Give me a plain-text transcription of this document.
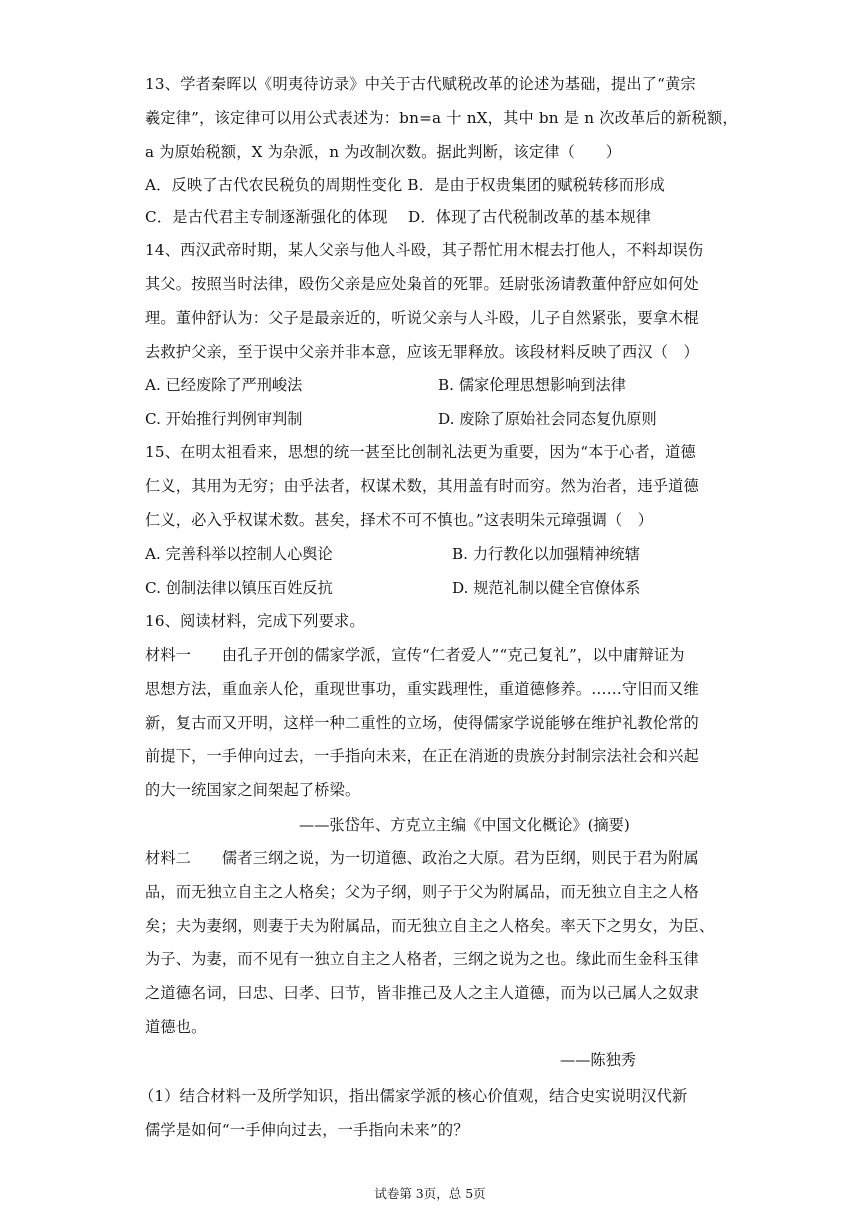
13、学者秦晖以《明夷待访录》中关于古代赋税改革的论述为基础，提出了“黄宗
羲定律”，该定律可以用公式表述为：bn=a 十 nX，其中 bn 是 n 次改革后的新税额，
a 为原始税额，X 为杂派，n 为改制次数。据此判断，该定律（　　）
A．反映了古代农民税负的周期性变化 B．是由于权贵集团的赋税转移而形成
C．是古代君主专制逐渐强化的体现　 D．体现了古代税制改革的基本规律
14、西汉武帝时期，某人父亲与他人斗殴，其子帮忙用木棍去打他人，不料却误伤
其父。按照当时法律，殴伤父亲是应处枭首的死罪。廷尉张汤请教董仲舒应如何处
理。董仲舒认为：父子是最亲近的，听说父亲与人斗殴，儿子自然紧张，要拿木棍
去救护父亲，至于误中父亲并非本意，应该无罪释放。该段材料反映了西汉（　）
A. 已经废除了严刑峻法	B. 儒家伦理思想影响到法律
C. 开始推行判例审判制	D. 废除了原始社会同态复仇原则
15、在明太祖看来，思想的统一甚至比创制礼法更为重要，因为“本于心者，道德
仁义，其用为无穷；由乎法者，权谋术数，其用盖有时而穷。然为治者，违乎道德
仁义，必入乎权谋术数。甚矣，择术不可不慎也。”这表明朱元璋强调（　）
A. 完善科举以控制人心舆论	B. 力行教化以加强精神统辖
C. 创制法律以镇压百姓反抗	D. 规范礼制以健全官僚体系
16、阅读材料，完成下列要求。
材料一　　由孔子开创的儒家学派，宣传“仁者爱人”“克己复礼”，以中庸辩证为
思想方法，重血亲人伦，重现世事功，重实践理性，重道德修养。……守旧而又维
新，复古而又开明，这样一种二重性的立场，使得儒家学说能够在维护礼教伦常的
前提下，一手伸向过去，一手指向未来，在正在消逝的贵族分封制宗法社会和兴起
的大一统国家之间架起了桥梁。
——张岱年、方克立主编《中国文化概论》(摘要)
材料二　　儒者三纲之说，为一切道德、政治之大原。君为臣纲，则民于君为附属
品，而无独立自主之人格矣；父为子纲，则子于父为附属品，而无独立自主之人格
矣；夫为妻纲，则妻于夫为附属品，而无独立自主之人格矣。率天下之男女，为臣、
为子、为妻，而不见有一独立自主之人格者，三纲之说为之也。缘此而生金科玉律
之道德名词，曰忠、曰孝、曰节，皆非推己及人之主人道德，而为以己属人之奴隶
道德也。
——陈独秀
（1）结合材料一及所学知识，指出儒家学派的核心价值观，结合史实说明汉代新
儒学是如何“一手伸向过去，一手指向未来”的？
试卷第 3页，总 5页
